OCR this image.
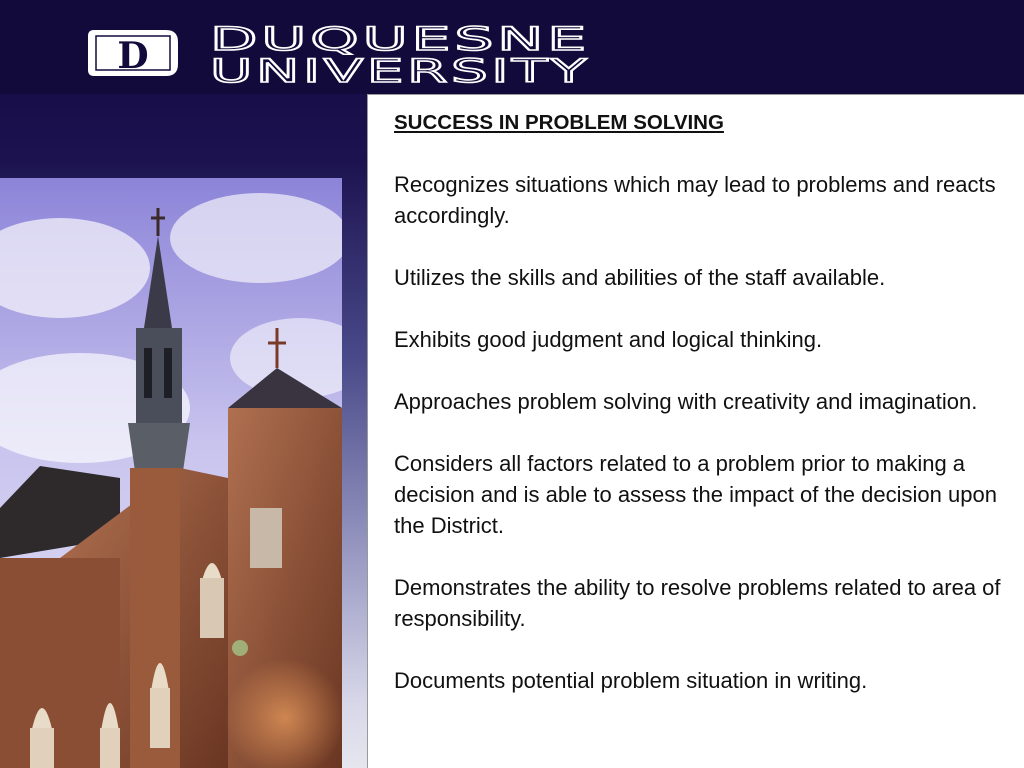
D DUQUESNE
UNIVERSITY

SUCCESS IN PROBLEM SOLVING

Recognizes situations which may lead to problems and reacts accordingly.

Utilizes the skills and abilities of the staff available.

Exhibits good judgment and logical thinking.

Approaches problem solving with creativity and imagination.

Considers all factors related to a problem prior to making a decision and is able to assess the impact of the decision upon the District.

Demonstrates the ability to resolve problems related to area of responsibility.

Documents potential problem situation in writing.
